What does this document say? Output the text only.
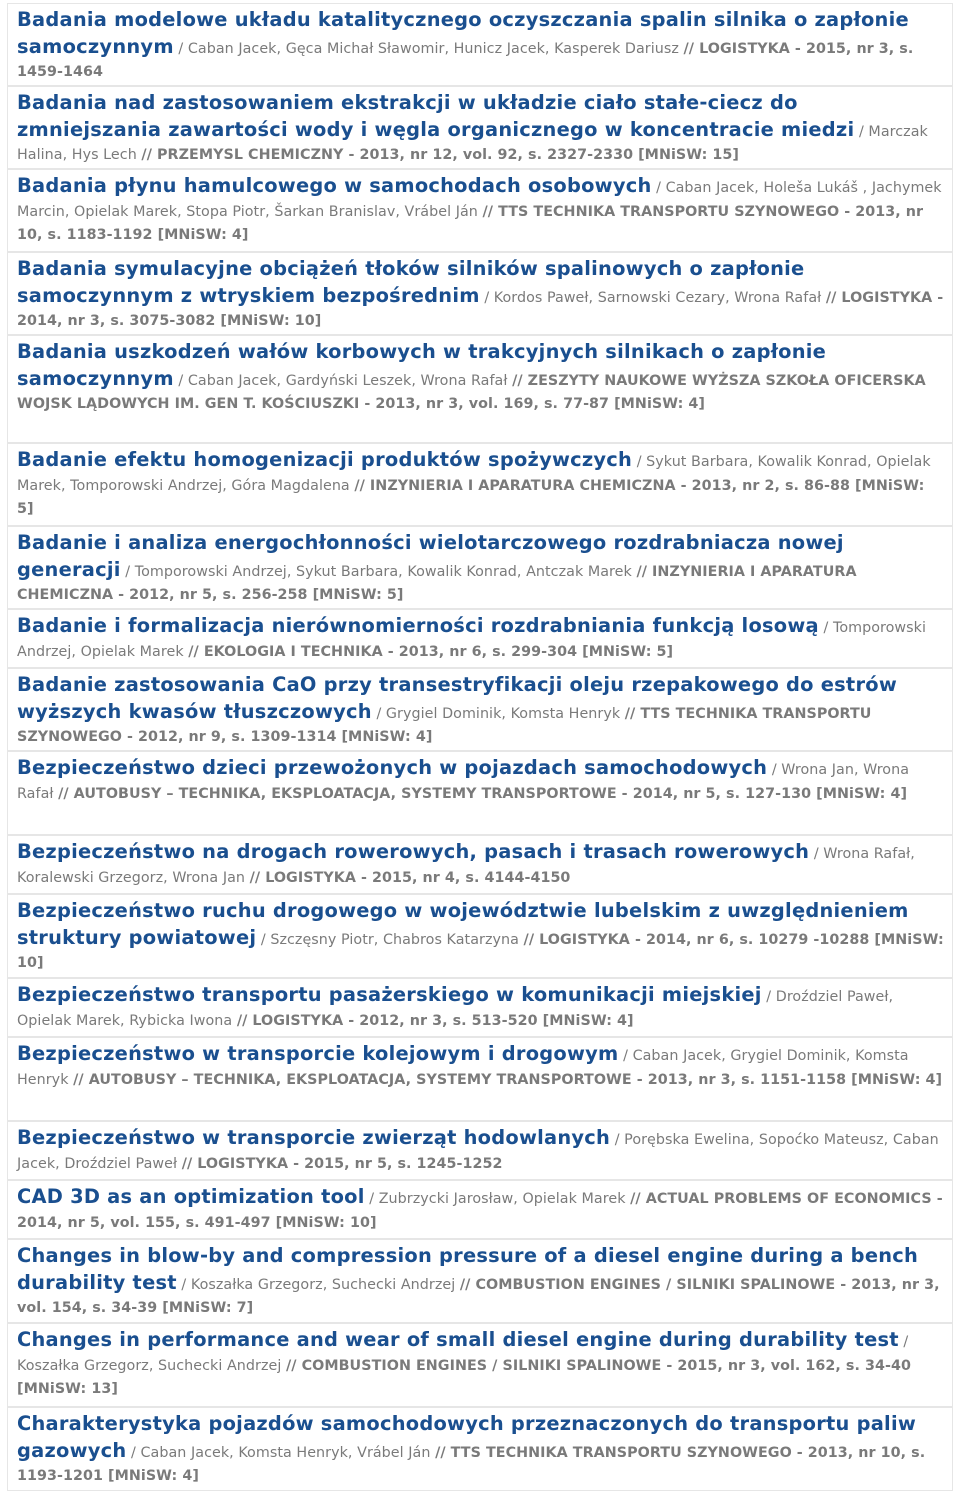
Badania modelowe układu katalitycznego oczyszczania spalin silnika o zapłonie samoczynnym / Caban Jacek, Gęca Michał Sławomir, Hunicz Jacek, Kasperek Dariusz // LOGISTYKA - 2015, nr 3, s. 1459-1464

Badania nad zastosowaniem ekstrakcji w układzie ciało stałe-ciecz do zmniejszania zawartości wody i węgla organicznego w koncentracie miedzi / Marczak Halina, Hys Lech // PRZEMYSL CHEMICZNY - 2013, nr 12, vol. 92, s. 2327-2330 [MNiSW: 15]

Badania płynu hamulcowego w samochodach osobowych / Caban Jacek, Holeša Lukáš , Jachymek Marcin, Opielak Marek, Stopa Piotr, Šarkan Branislav, Vrábel Ján // TTS TECHNIKA TRANSPORTU SZYNOWEGO - 2013, nr 10, s. 1183-1192 [MNiSW: 4]

Badania symulacyjne obciążeń tłoków silników spalinowych o zapłonie samoczynnym z wtryskiem bezpośrednim / Kordos Paweł, Sarnowski Cezary, Wrona Rafał // LOGISTYKA - 2014, nr 3, s. 3075-3082 [MNiSW: 10]

Badania uszkodzeń wałów korbowych w trakcyjnych silnikach o zapłonie samoczynnym / Caban Jacek, Gardyński Leszek, Wrona Rafał // ZESZYTY NAUKOWE WYŻSZA SZKOŁA OFICERSKA WOJSK LĄDOWYCH IM. GEN T. KOŚCIUSZKI - 2013, nr 3, vol. 169, s. 77-87 [MNiSW: 4]

Badanie efektu homogenizacji produktów spożywczych / Sykut Barbara, Kowalik Konrad, Opielak Marek, Tomporowski Andrzej, Góra Magdalena // INZYNIERIA I APARATURA CHEMICZNA - 2013, nr 2, s. 86-88 [MNiSW: 5]

Badanie i analiza energochłonności wielotarczowego rozdrabniacza nowej generacji / Tomporowski Andrzej, Sykut Barbara, Kowalik Konrad, Antczak Marek // INZYNIERIA I APARATURA CHEMICZNA - 2012, nr 5, s. 256-258 [MNiSW: 5]

Badanie i formalizacja nierównomierności rozdrabniania funkcją losową / Tomporowski Andrzej, Opielak Marek // EKOLOGIA I TECHNIKA - 2013, nr 6, s. 299-304 [MNiSW: 5]

Badanie zastosowania CaO przy transestryfikacji oleju rzepakowego do estrów wyższych kwasów tłuszczowych / Grygiel Dominik, Komsta Henryk // TTS TECHNIKA TRANSPORTU SZYNOWEGO - 2012, nr 9, s. 1309-1314 [MNiSW: 4]

Bezpieczeństwo dzieci przewożonych w pojazdach samochodowych / Wrona Jan, Wrona Rafał // AUTOBUSY – TECHNIKA, EKSPLOATACJA, SYSTEMY TRANSPORTOWE - 2014, nr 5, s. 127-130 [MNiSW: 4]

Bezpieczeństwo na drogach rowerowych, pasach i trasach rowerowych / Wrona Rafał, Koralewski Grzegorz, Wrona Jan // LOGISTYKA - 2015, nr 4, s. 4144-4150

Bezpieczeństwo ruchu drogowego w województwie lubelskim z uwzględnieniem struktury powiatowej / Szczęsny Piotr, Chabros Katarzyna // LOGISTYKA - 2014, nr 6, s. 10279 -10288 [MNiSW: 10]

Bezpieczeństwo transportu pasażerskiego w komunikacji miejskiej / Droździel Paweł, Opielak Marek, Rybicka Iwona // LOGISTYKA - 2012, nr 3, s. 513-520 [MNiSW: 4]

Bezpieczeństwo w transporcie kolejowym i drogowym / Caban Jacek, Grygiel Dominik, Komsta Henryk // AUTOBUSY – TECHNIKA, EKSPLOATACJA, SYSTEMY TRANSPORTOWE - 2013, nr 3, s. 1151-1158 [MNiSW: 4]

Bezpieczeństwo w transporcie zwierząt hodowlanych / Porębska Ewelina, Sopoćko Mateusz, Caban Jacek, Droździel Paweł // LOGISTYKA - 2015, nr 5, s. 1245-1252

CAD 3D as an optimization tool / Zubrzycki Jarosław, Opielak Marek // ACTUAL PROBLEMS OF ECONOMICS - 2014, nr 5, vol. 155, s. 491-497 [MNiSW: 10]

Changes in blow-by and compression pressure of a diesel engine during a bench durability test / Koszałka Grzegorz, Suchecki Andrzej // COMBUSTION ENGINES / SILNIKI SPALINOWE - 2013, nr 3, vol. 154, s. 34-39 [MNiSW: 7]

Changes in performance and wear of small diesel engine during durability test / Koszałka Grzegorz, Suchecki Andrzej // COMBUSTION ENGINES / SILNIKI SPALINOWE - 2015, nr 3, vol. 162, s. 34-40 [MNiSW: 13]

Charakterystyka pojazdów samochodowych przeznaczonych do transportu paliw gazowych / Caban Jacek, Komsta Henryk, Vrábel Ján // TTS TECHNIKA TRANSPORTU SZYNOWEGO - 2013, nr 10, s. 1193-1201 [MNiSW: 4]
